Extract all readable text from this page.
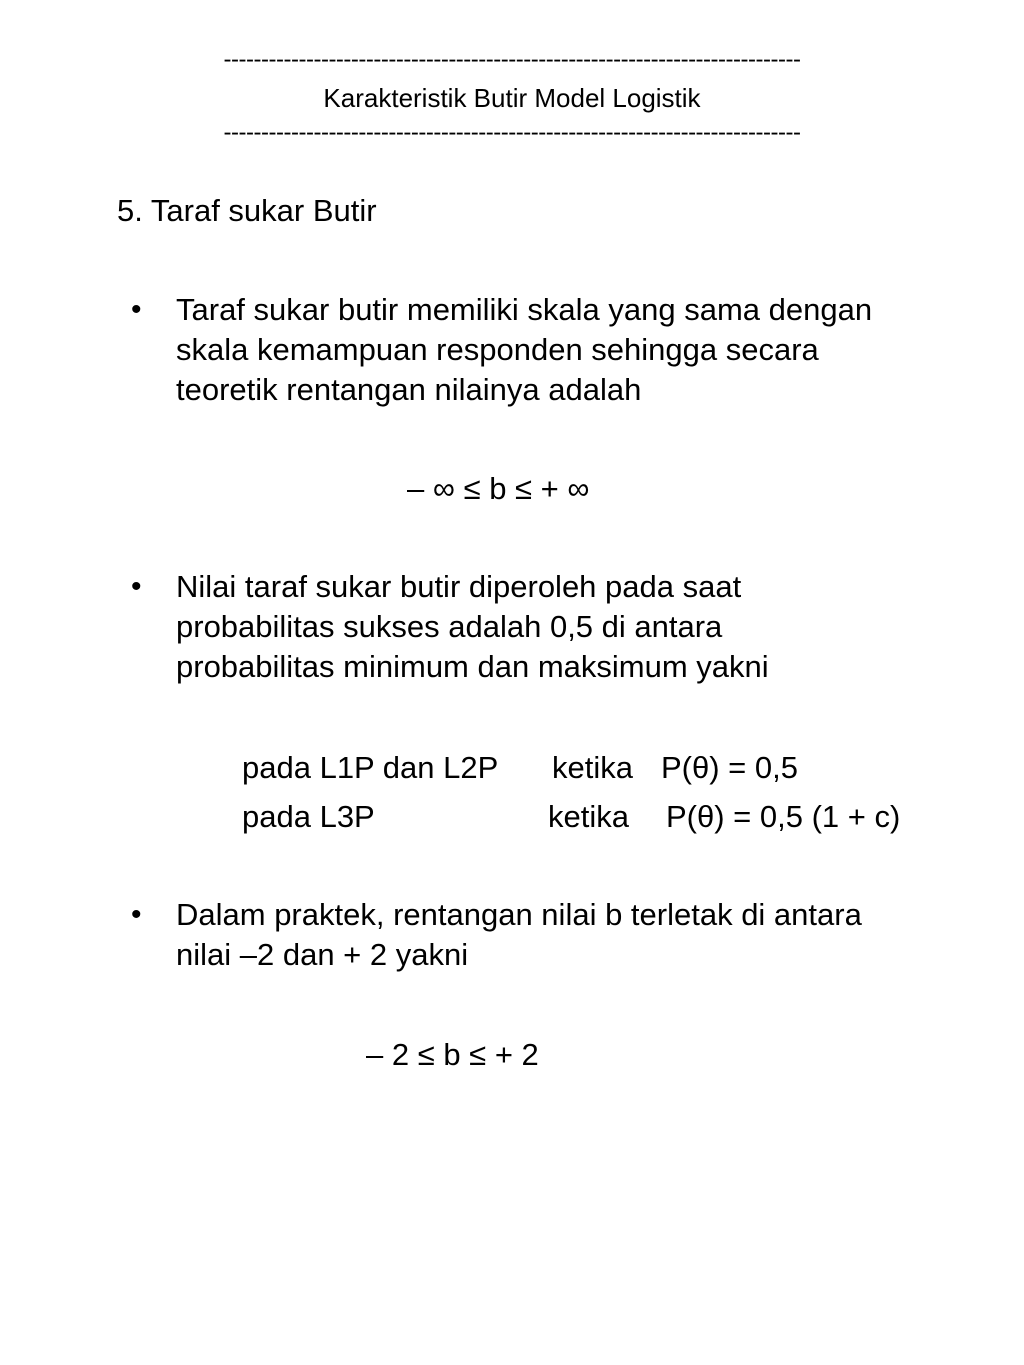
-----------------------------------------------------------------------------
Karakteristik Butir Model Logistik
-----------------------------------------------------------------------------
5. Taraf sukar Butir
• Taraf sukar butir memiliki skala yang sama dengan
skala kemampuan responden sehingga secara
teoretik rentangan nilainya adalah
– ∞ ≤ b ≤ + ∞
• Nilai taraf sukar butir diperoleh pada saat
probabilitas sukses adalah 0,5 di antara
probabilitas minimum dan maksimum yakni
pada L1P dan L2P ketika P(θ) = 0,5
pada L3P	ketika P(θ) = 0,5 (1 + c)
• Dalam praktek, rentangan nilai b terletak di antara
nilai –2 dan + 2 yakni
– 2 ≤ b ≤ + 2
